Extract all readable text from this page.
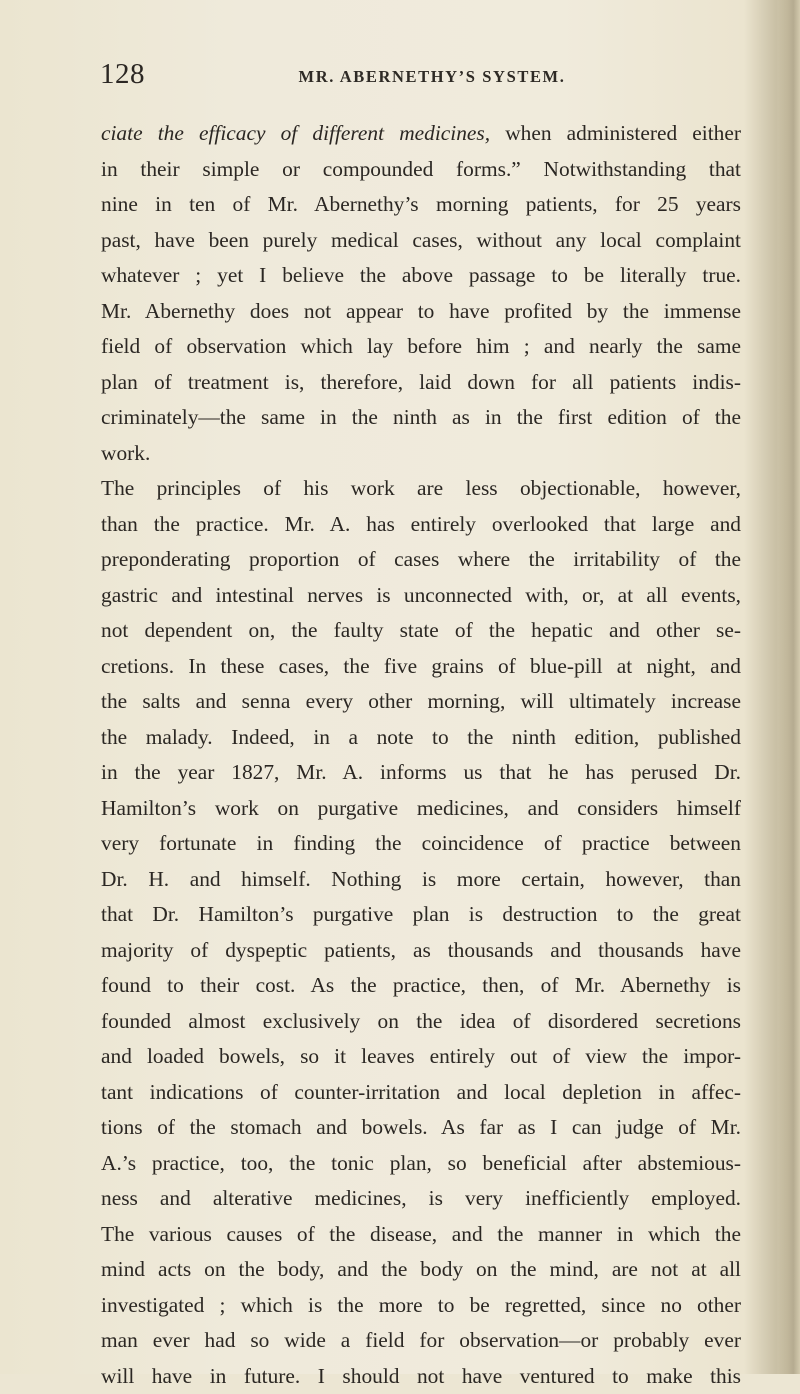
128	MR. ABERNETHY’S SYSTEM.
ciate the efficacy of different medicines, when administered either
in their simple or compounded forms.” Notwithstanding that
nine in ten of Mr. Abernethy’s morning patients, for 25 years
past, have been purely medical cases, without any local complaint
whatever ; yet I believe the above passage to be literally true.
Mr. Abernethy does not appear to have profited by the immense
field of observation which lay before him ; and nearly the same
plan of treatment is, therefore, laid down for all patients indis-
criminately—the same in the ninth as in the first edition of the
work.
The principles of his work are less objectionable, however,
than the practice. Mr. A. has entirely overlooked that large and
preponderating proportion of cases where the irritability of the
gastric and intestinal nerves is unconnected with, or, at all events,
not dependent on, the faulty state of the hepatic and other se-
cretions. In these cases, the five grains of blue-pill at night, and
the salts and senna every other morning, will ultimately increase
the malady. Indeed, in a note to the ninth edition, published
in the year 1827, Mr. A. informs us that he has perused Dr.
Hamilton’s work on purgative medicines, and considers himself
very fortunate in finding the coincidence of practice between
Dr. H. and himself. Nothing is more certain, however, than
that Dr. Hamilton’s purgative plan is destruction to the great
majority of dyspeptic patients, as thousands and thousands have
found to their cost. As the practice, then, of Mr. Abernethy is
founded almost exclusively on the idea of disordered secretions
and loaded bowels, so it leaves entirely out of view the impor-
tant indications of counter-irritation and local depletion in affec-
tions of the stomach and bowels. As far as I can judge of Mr.
A.’s practice, too, the tonic plan, so beneficial after abstemious-
ness and alterative medicines, is very inefficiently employed.
The various causes of the disease, and the manner in which the
mind acts on the body, and the body on the mind, are not at all
investigated ; which is the more to be regretted, since no other
man ever had so wide a field for observation—or probably ever
will have in future. I should not have ventured to make this
